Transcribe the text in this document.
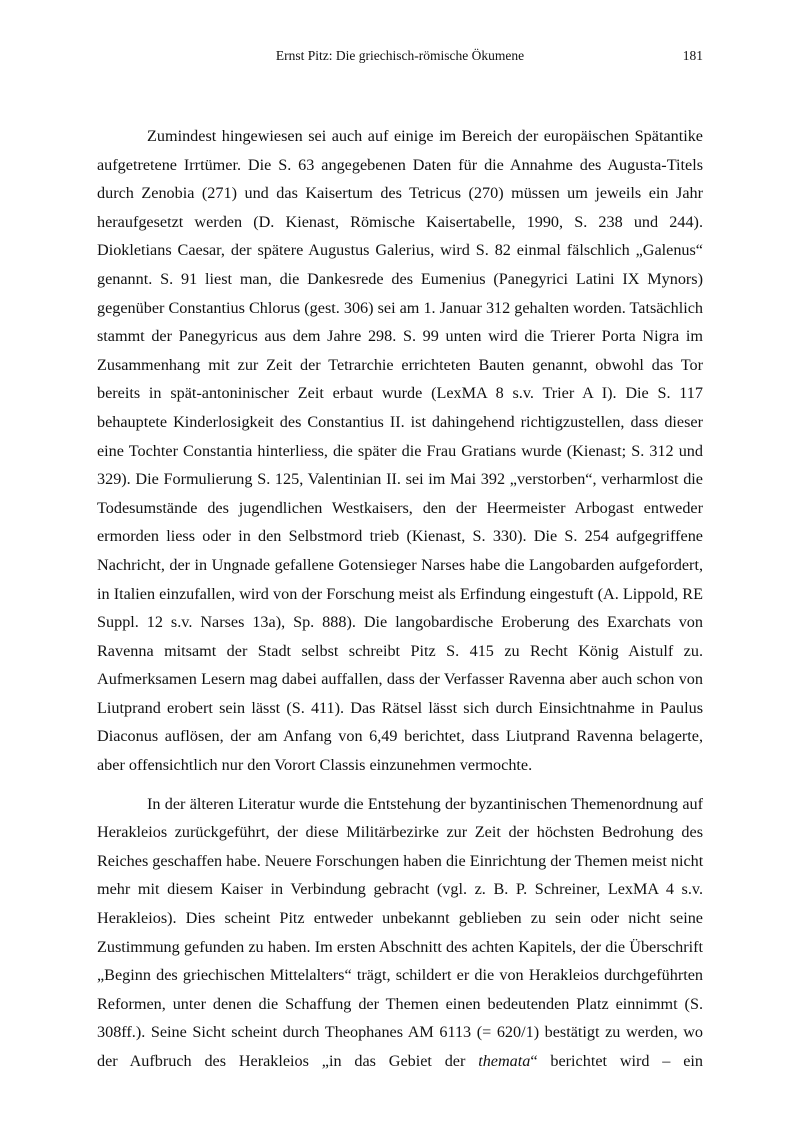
Ernst Pitz: Die griechisch-römische Ökumene	181
Zumindest hingewiesen sei auch auf einige im Bereich der europäischen Spätantike
aufgetretene Irrtümer. Die S. 63 angegebenen Daten für die Annahme des Augusta-Titels
durch Zenobia (271) und das Kaisertum des Tetricus (270) müssen um jeweils ein Jahr
heraufgesetzt werden (D. Kienast, Römische Kaisertabelle, 1990, S. 238 und 244).
Diokletians Caesar, der spätere Augustus Galerius, wird S. 82 einmal fälschlich „Galenus“
genannt. S. 91 liest man, die Dankesrede des Eumenius (Panegyrici Latini IX Mynors)
gegenüber Constantius Chlorus (gest. 306) sei am 1. Januar 312 gehalten worden. Tatsächlich
stammt der Panegyricus aus dem Jahre 298. S. 99 unten wird die Trierer Porta Nigra im
Zusammenhang mit zur Zeit der Tetrarchie errichteten Bauten genannt, obwohl das Tor
bereits in spät-antoninischer Zeit erbaut wurde (LexMA 8 s.v. Trier A I). Die S. 117
behauptete Kinderlosigkeit des Constantius II. ist dahingehend richtigzustellen, dass dieser
eine Tochter Constantia hinterliess, die später die Frau Gratians wurde (Kienast; S. 312 und
329). Die Formulierung S. 125, Valentinian II. sei im Mai 392 „verstorben“, verharmlost die
Todesumstände des jugendlichen Westkaisers, den der Heermeister Arbogast entweder
ermorden liess oder in den Selbstmord trieb (Kienast, S. 330). Die S. 254 aufgegriffene
Nachricht, der in Ungnade gefallene Gotensieger Narses habe die Langobarden aufgefordert,
in Italien einzufallen, wird von der Forschung meist als Erfindung eingestuft (A. Lippold, RE
Suppl. 12 s.v. Narses 13a), Sp. 888). Die langobardische Eroberung des Exarchats von
Ravenna mitsamt der Stadt selbst schreibt Pitz S. 415 zu Recht König Aistulf zu.
Aufmerksamen Lesern mag dabei auffallen, dass der Verfasser Ravenna aber auch schon von
Liutprand erobert sein lässt (S. 411). Das Rätsel lässt sich durch Einsichtnahme in Paulus
Diaconus auflösen, der am Anfang von 6,49 berichtet, dass Liutprand Ravenna belagerte,
aber offensichtlich nur den Vorort Classis einzunehmen vermochte.
In der älteren Literatur wurde die Entstehung der byzantinischen Themenordnung auf
Herakleios zurückgeführt, der diese Militärbezirke zur Zeit der höchsten Bedrohung des
Reiches geschaffen habe. Neuere Forschungen haben die Einrichtung der Themen meist nicht
mehr mit diesem Kaiser in Verbindung gebracht (vgl. z. B. P. Schreiner, LexMA 4 s.v.
Herakleios). Dies scheint Pitz entweder unbekannt geblieben zu sein oder nicht seine
Zustimmung gefunden zu haben. Im ersten Abschnitt des achten Kapitels, der die Überschrift
„Beginn des griechischen Mittelalters“ trägt, schildert er die von Herakleios durchgeführten
Reformen, unter denen die Schaffung der Themen einen bedeutenden Platz einnimmt (S.
308ff.). Seine Sicht scheint durch Theophanes AM 6113 (= 620/1) bestätigt zu werden, wo
der Aufbruch des Herakleios „in das Gebiet der themata“ berichtet wird – ein
